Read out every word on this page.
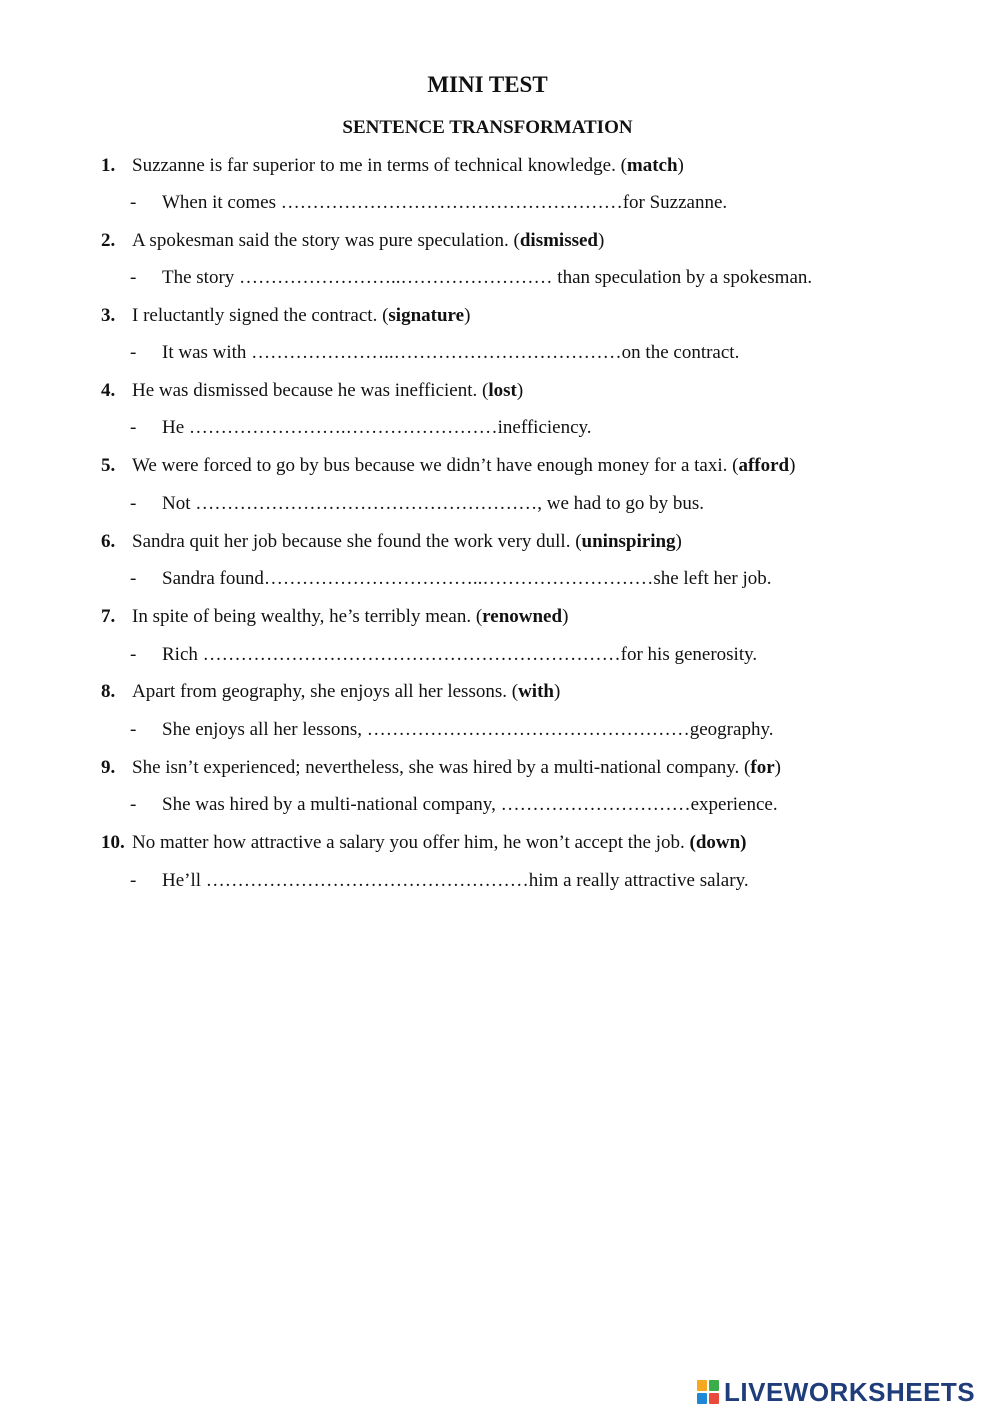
MINI TEST
SENTENCE TRANSFORMATION
1. Suzzanne is far superior to me in terms of technical knowledge. (match)
- When it comes ………………………………………………for Suzzanne.
2. A spokesman said the story was pure speculation. (dismissed)
- The story ……………………..…………………… than speculation by a spokesman.
3. I reluctantly signed the contract. (signature)
- It was with …………………..………………………………on the contract.
4. He was dismissed because he was inefficient. (lost)
- He …………………….……………………inefficiency.
5. We were forced to go by bus because we didn’t have enough money for a taxi. (afford)
- Not ………………………………………………, we had to go by bus.
6. Sandra quit her job because she found the work very dull. (uninspiring)
- Sandra found……………………………..………………………she left her job.
7. In spite of being wealthy, he’s terribly mean. (renowned)
- Rich …………………………………………………………for his generosity.
8. Apart from geography, she enjoys all her lessons. (with)
- She enjoys all her lessons, ……………………………………………geography.
9. She isn’t experienced; nevertheless, she was hired by a multi-national company. (for)
- She was hired by a multi-national company, …………………………experience.
10. No matter how attractive a salary you offer him, he won’t accept the job. (down)
- He’ll ……………………………………………him a really attractive salary.
LIVEWORKSHEETS
